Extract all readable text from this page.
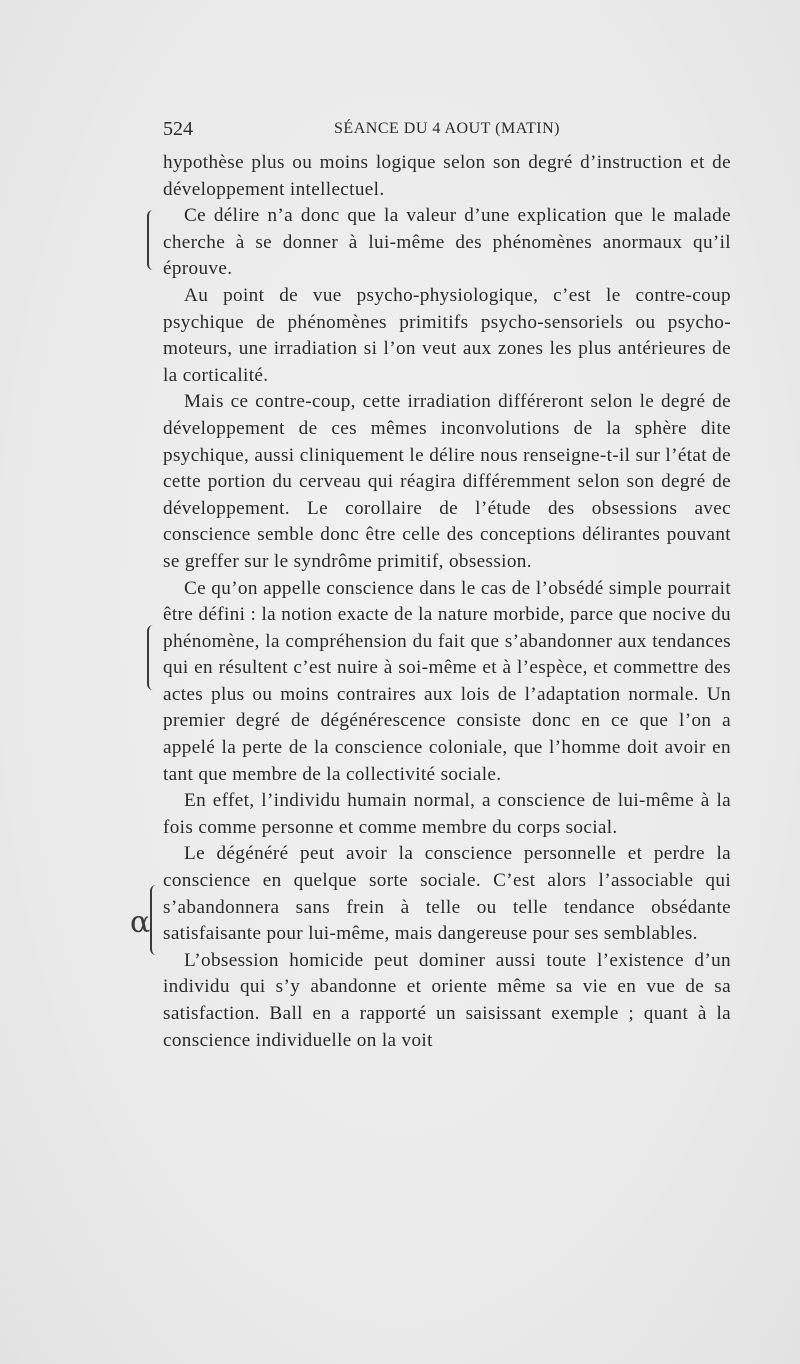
524	SÉANCE DU 4 AOUT (MATIN)

hypothèse plus ou moins logique selon son degré d’instruction et de développement intellectuel.

Ce délire n’a donc que la valeur d’une explication que le malade cherche à se donner à lui-même des phénomènes anormaux qu’il éprouve.

Au point de vue psycho-physiologique, c’est le contre-coup psychique de phénomènes primitifs psycho-sensoriels ou psycho-moteurs, une irradiation si l’on veut aux zones les plus antérieures de la corticalité.

Mais ce contre-coup, cette irradiation différeront selon le degré de développement de ces mêmes inconvolutions de la sphère dite psychique, aussi cliniquement le délire nous renseigne-t-il sur l’état de cette portion du cerveau qui réagira différemment selon son degré de développement. Le corollaire de l’étude des obsessions avec conscience semble donc être celle des conceptions délirantes pouvant se greffer sur le syndrôme primitif, obsession.

Ce qu’on appelle conscience dans le cas de l’obsédé simple pourrait être défini : la notion exacte de la nature morbide, parce que nocive du phénomène, la compréhension du fait que s’abandonner aux tendances qui en résultent c’est nuire à soi-même et à l’espèce, et commettre des actes plus ou moins contraires aux lois de l’adaptation normale. Un premier degré de dégénérescence consiste donc en ce que l’on a appelé la perte de la conscience coloniale, que l’homme doit avoir en tant que membre de la collectivité sociale.

En effet, l’individu humain normal, a conscience de lui-même à la fois comme personne et comme membre du corps social.

Le dégénéré peut avoir la conscience personnelle et perdre la conscience en quelque sorte sociale. C’est alors l’associable qui s’abandonnera sans frein à telle ou telle tendance obsédante satisfaisante pour lui-même, mais dangereuse pour ses semblables.

L’obsession homicide peut dominer aussi toute l’existence d’un individu qui s’y abandonne et oriente même sa vie en vue de sa satisfaction. Ball en a rapporté un saisissant exemple ; quant à la conscience individuelle on la voit

α
